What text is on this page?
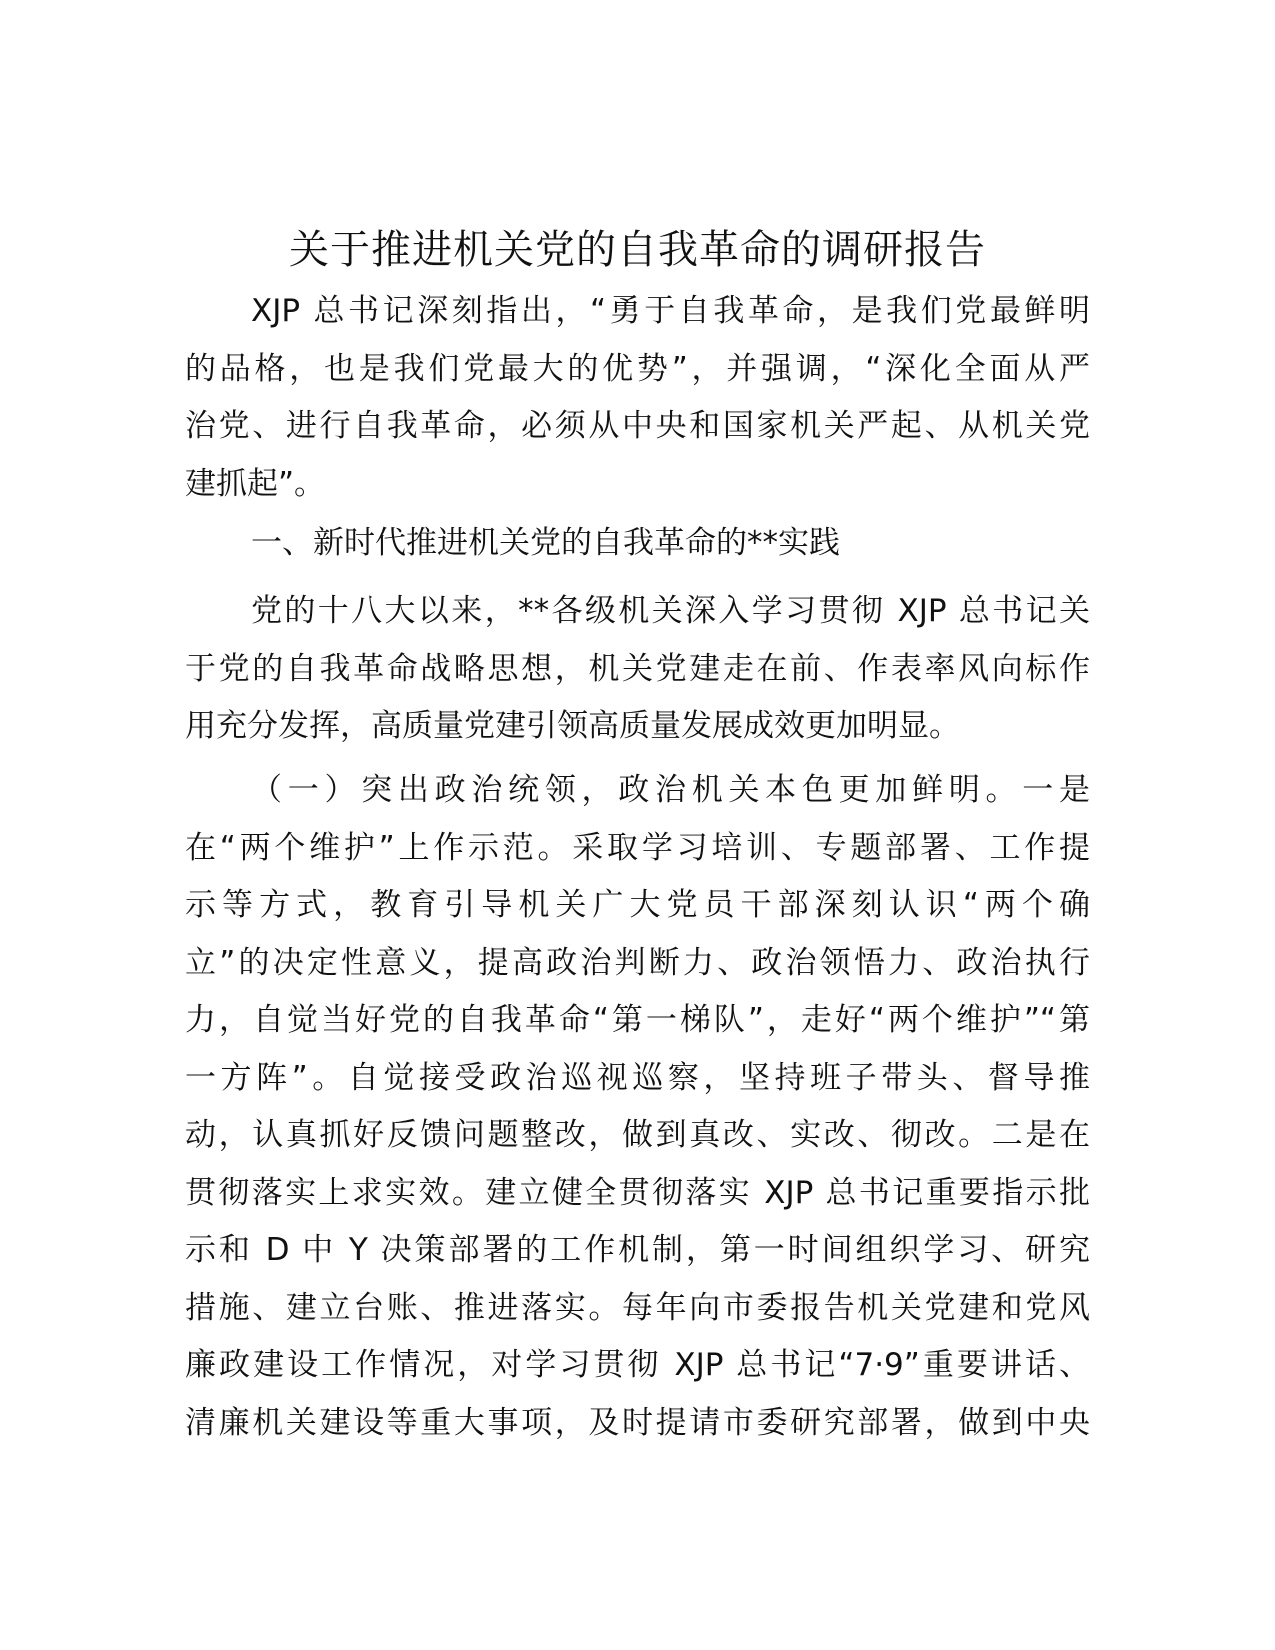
关于推进机关党的自我革命的调研报告
XJP 总书记深刻指出，“勇于自我革命，是我们党最鲜明
的品格，也是我们党最大的优势”，并强调，“深化全面从严
治党、进行自我革命，必须从中央和国家机关严起、从机关党
建抓起”。
一、新时代推进机关党的自我革命的**实践
党的十八大以来，**各级机关深入学习贯彻 XJP 总书记关
于党的自我革命战略思想，机关党建走在前、作表率风向标作
用充分发挥，高质量党建引领高质量发展成效更加明显。
（一）突出政治统领，政治机关本色更加鲜明。一是
在“两个维护”上作示范。采取学习培训、专题部署、工作提
示等方式，教育引导机关广大党员干部深刻认识“两个确
立”的决定性意义，提高政治判断力、政治领悟力、政治执行
力，自觉当好党的自我革命“第一梯队”，走好“两个维护”“第
一方阵”。自觉接受政治巡视巡察，坚持班子带头、督导推
动，认真抓好反馈问题整改，做到真改、实改、彻改。二是在
贯彻落实上求实效。建立健全贯彻落实 XJP 总书记重要指示批
示和 D 中 Y 决策部署的工作机制，第一时间组织学习、研究
措施、建立台账、推进落实。每年向市委报告机关党建和党风
廉政建设工作情况，对学习贯彻 XJP 总书记“7·9”重要讲话、
清廉机关建设等重大事项，及时提请市委研究部署，做到中央
